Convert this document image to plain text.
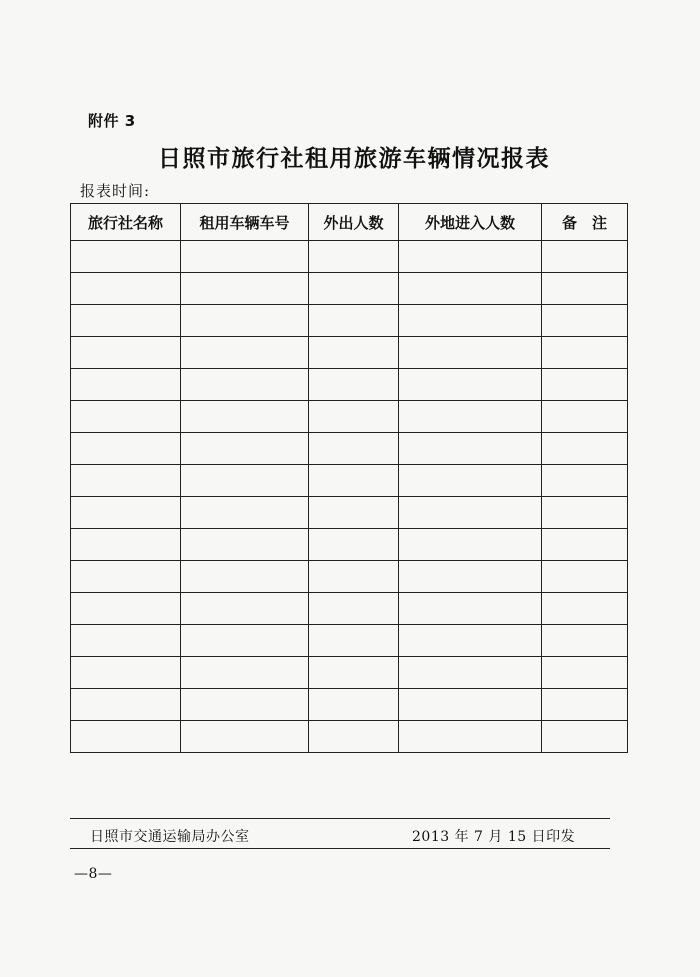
附件 3
日照市旅行社租用旅游车辆情况报表
报表时间:
旅行社名称	租用车辆车号	外出人数	外地进入人数	备　注

日照市交通运输局办公室	2013 年 7 月 15 日印发
—8—
